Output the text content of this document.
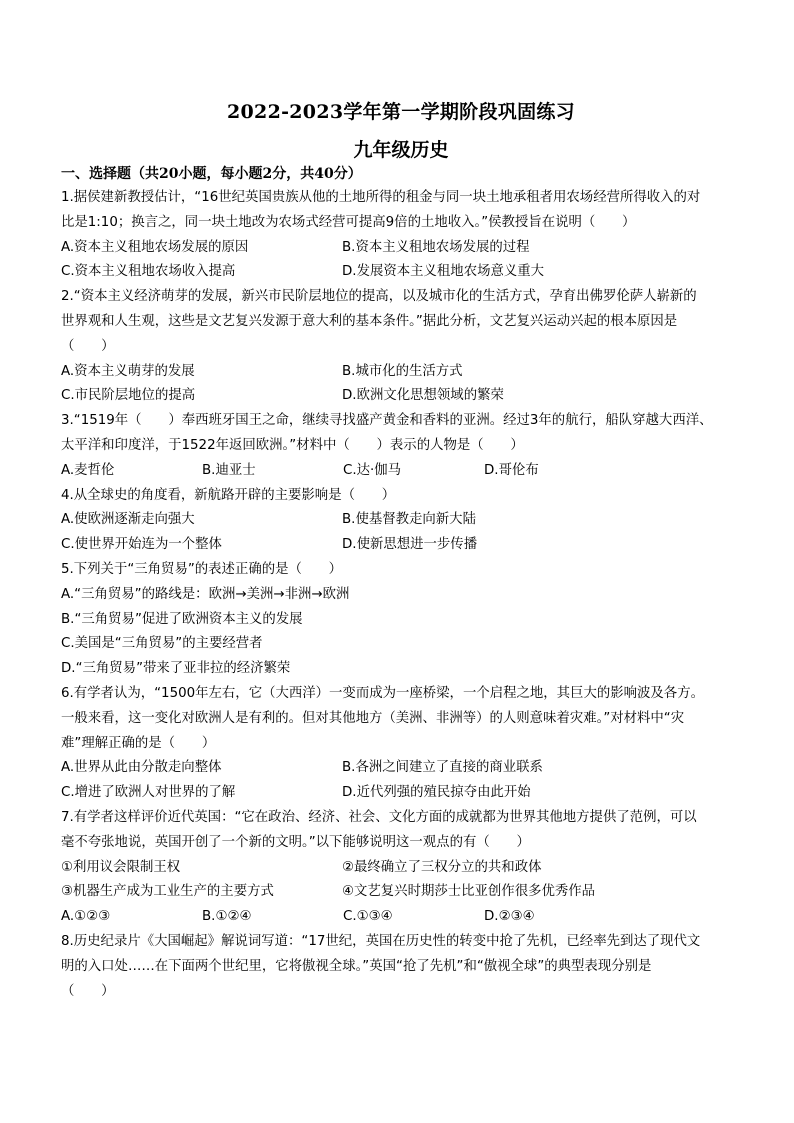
2022-2023学年第一学期阶段巩固练习
九年级历史
一、选择题（共20小题，每小题2分，共40分）
1.据侯建新教授估计，“16世纪英国贵族从他的土地所得的租金与同一块土地承租者用农场经营所得收入的对
比是1:10；换言之，同一块土地改为农场式经营可提高9倍的土地收入。”侯教授旨在说明（　　）
A.资本主义租地农场发展的原因	B.资本主义租地农场发展的过程
C.资本主义租地农场收入提高	D.发展资本主义租地农场意义重大
2.“资本主义经济萌芽的发展，新兴市民阶层地位的提高，以及城市化的生活方式，孕育出佛罗伦萨人崭新的
世界观和人生观，这些是文艺复兴发源于意大利的基本条件。”据此分析，文艺复兴运动兴起的根本原因是
（　　）
A.资本主义萌芽的发展	B.城市化的生活方式
C.市民阶层地位的提高	D.欧洲文化思想领域的繁荣
3.“1519年（　　）奉西班牙国王之命，继续寻找盛产黄金和香料的亚洲。经过3年的航行，船队穿越大西洋、
太平洋和印度洋，于1522年返回欧洲。”材料中（　　）表示的人物是（　　）
A.麦哲伦	B.迪亚士	C.达·伽马	D.哥伦布
4.从全球史的角度看，新航路开辟的主要影响是（　　）
A.使欧洲逐渐走向强大	B.使基督教走向新大陆
C.使世界开始连为一个整体	D.使新思想进一步传播
5.下列关于“三角贸易”的表述正确的是（　　）
A.“三角贸易”的路线是：欧洲→美洲→非洲→欧洲
B.“三角贸易”促进了欧洲资本主义的发展
C.美国是“三角贸易”的主要经营者
D.“三角贸易”带来了亚非拉的经济繁荣
6.有学者认为，“1500年左右，它（大西洋）一变而成为一座桥梁，一个启程之地，其巨大的影响波及各方。
一般来看，这一变化对欧洲人是有利的。但对其他地方（美洲、非洲等）的人则意味着灾难。”对材料中“灾
难”理解正确的是（　　）
A.世界从此由分散走向整体	B.各洲之间建立了直接的商业联系
C.增进了欧洲人对世界的了解	D.近代列强的殖民掠夺由此开始
7.有学者这样评价近代英国：“它在政治、经济、社会、文化方面的成就都为世界其他地方提供了范例，可以
毫不夸张地说，英国开创了一个新的文明。”以下能够说明这一观点的有（　　）
①利用议会限制王权	②最终确立了三权分立的共和政体
③机器生产成为工业生产的主要方式	④文艺复兴时期莎士比亚创作很多优秀作品
A.①②③	B.①②④	C.①③④	D.②③④
8.历史纪录片《大国崛起》解说词写道：“17世纪，英国在历史性的转变中抢了先机，已经率先到达了现代文
明的入口处……在下面两个世纪里，它将傲视全球。”英国“抢了先机”和“傲视全球”的典型表现分别是
（　　）
